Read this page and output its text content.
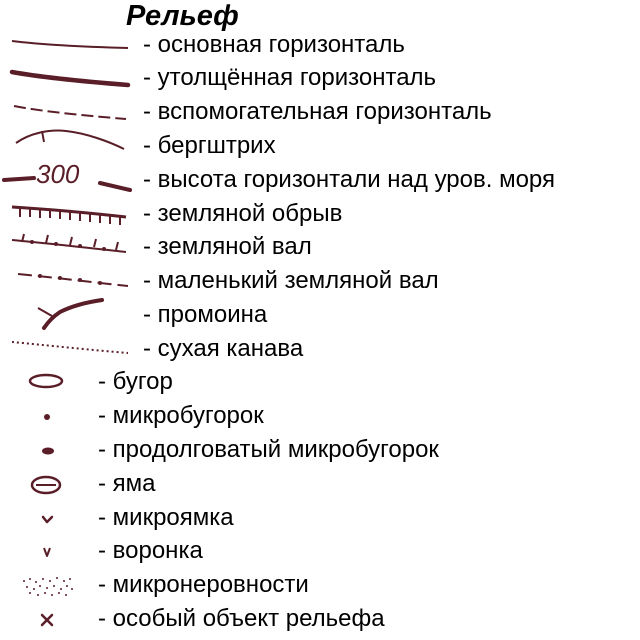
Рельеф
- основная горизонталь
- утолщённая горизонталь
- вспомогательная горизонталь
- бергштрих
300	- высота горизонтали над уров. моря
- земляной обрыв
- земляной вал
- маленький земляной вал
- промоина
- сухая канава
- бугор
- микробугорок
- продолговатый микробугорок
- яма
- микроямка
- воронка
- микронеровности
- особый объект рельефа
